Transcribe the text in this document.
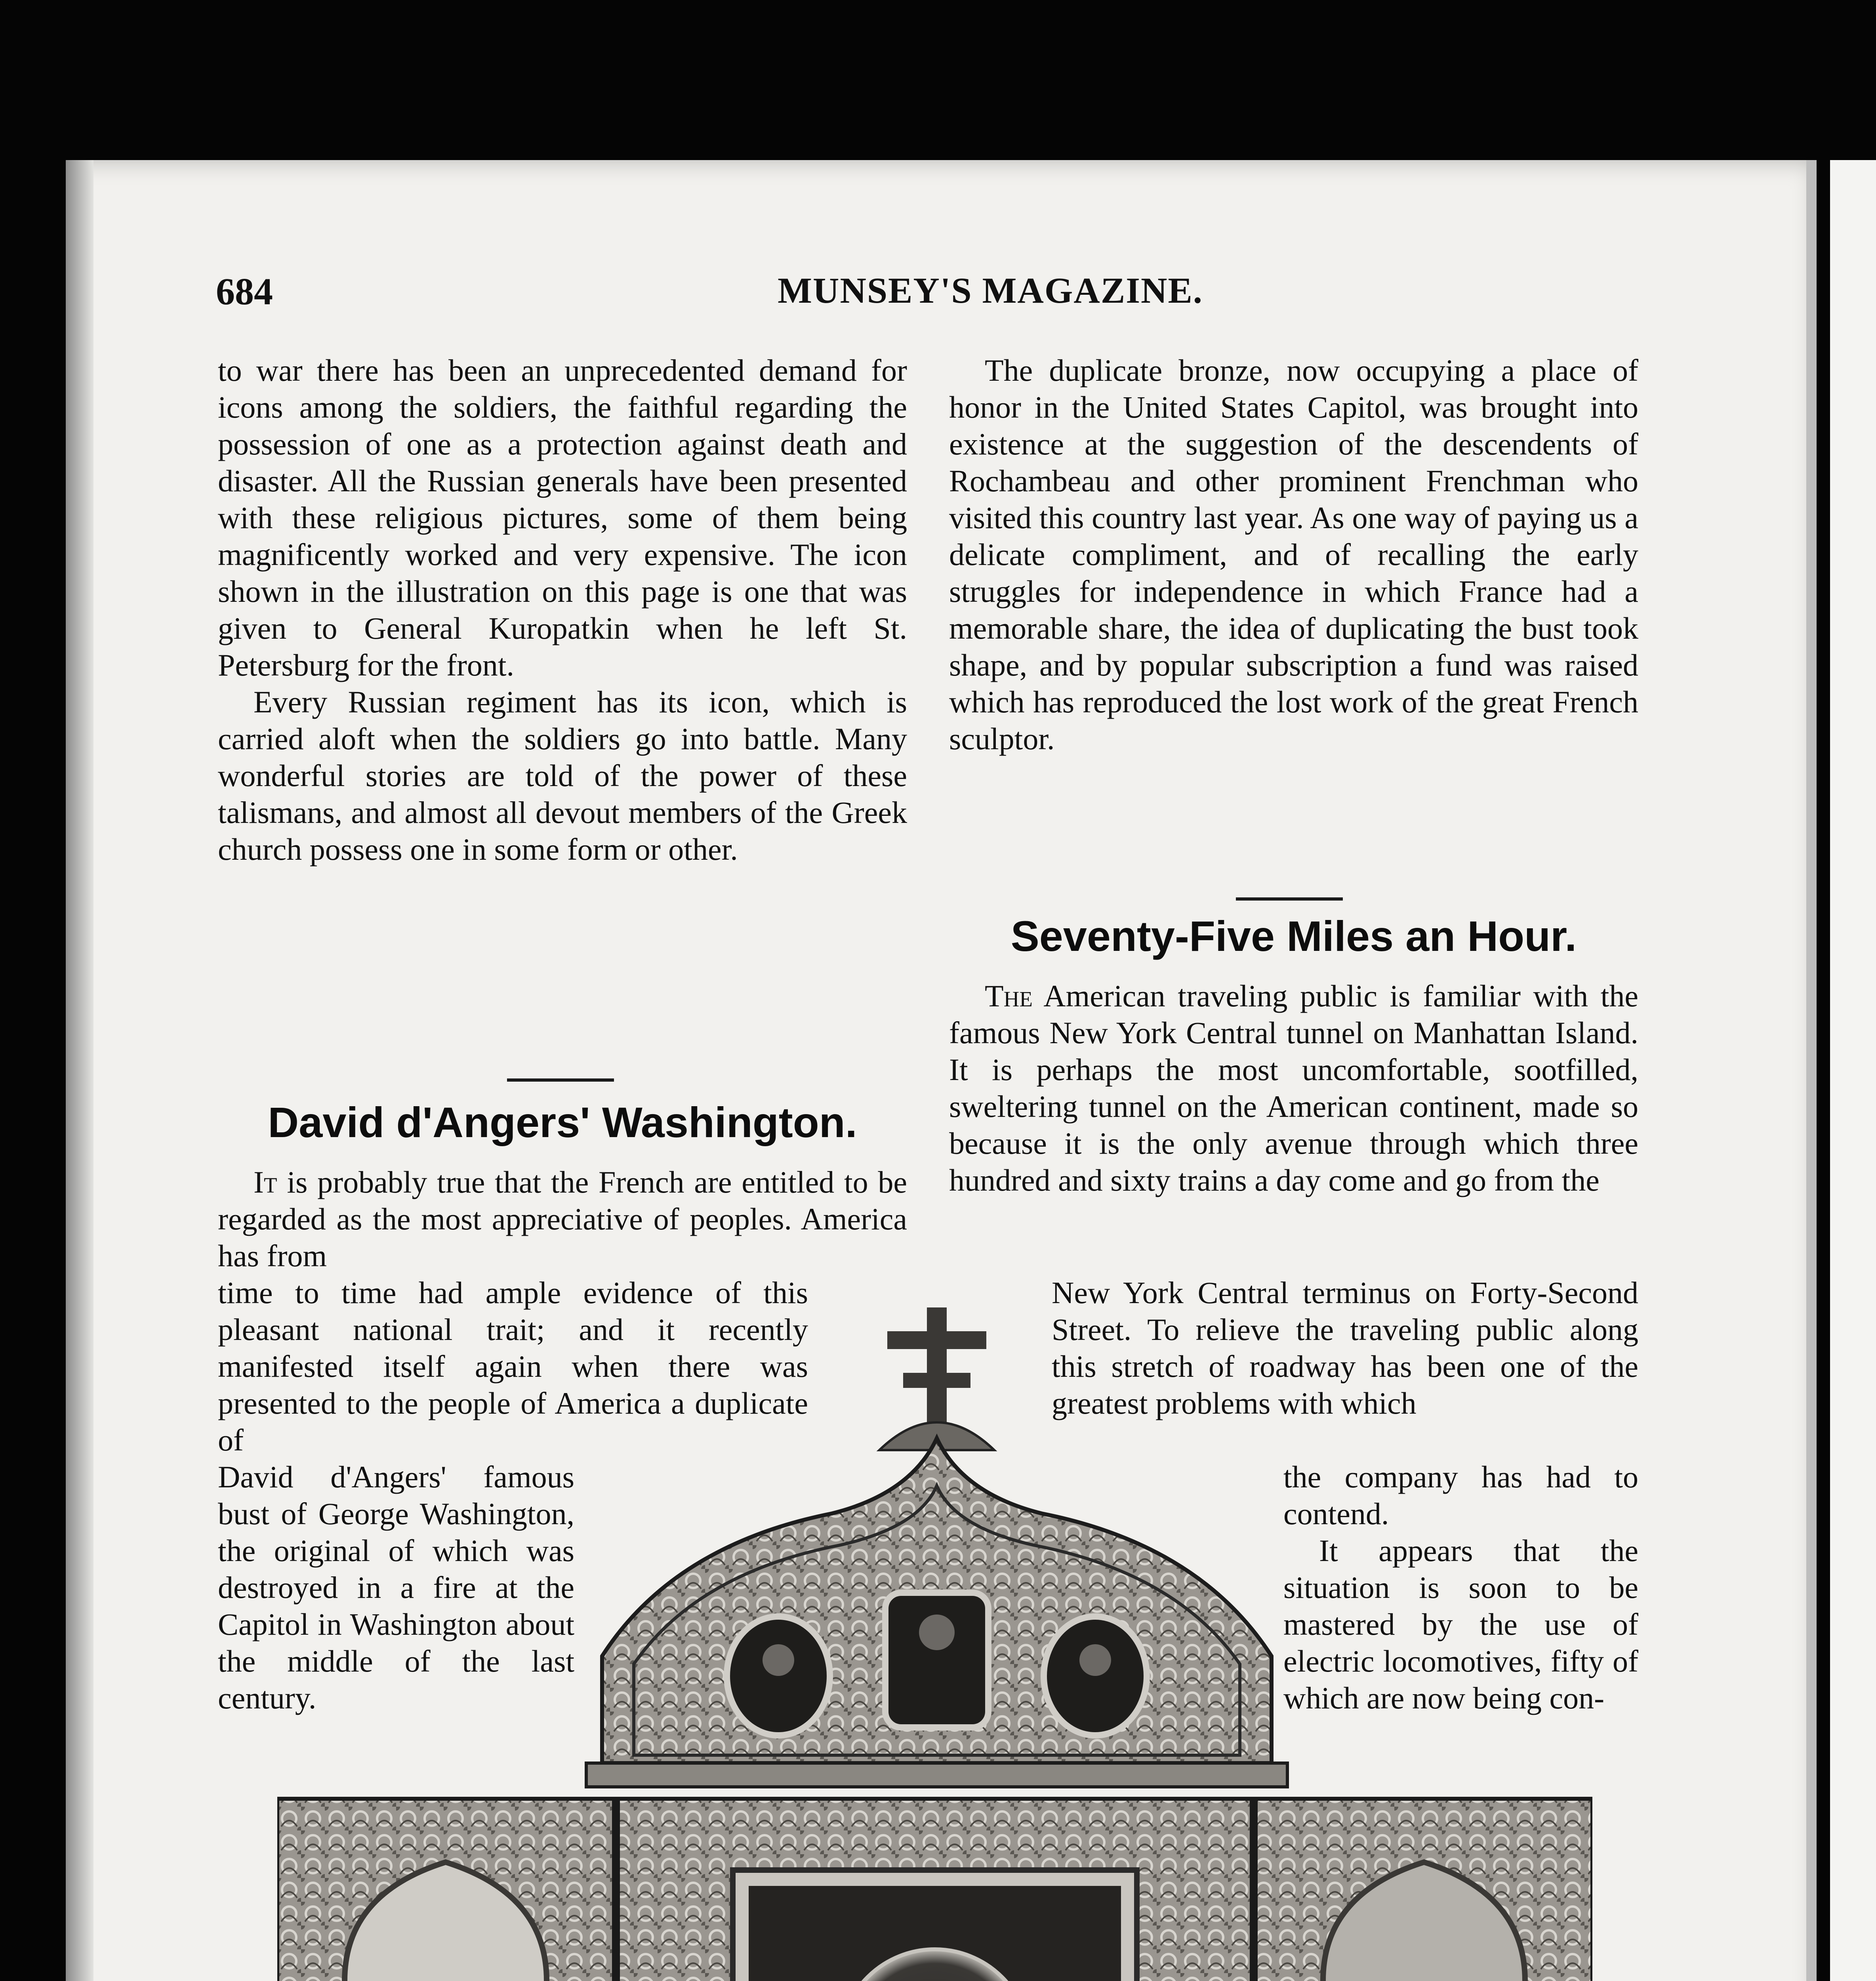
684	MUNSEY'S MAGAZINE.

to war there has been an unprecedented demand for icons among the soldiers, the faithful regarding the possession of one as a protection against death and disaster. All the Russian generals have been presented with these religious pictures, some of them being magnificently worked and very expensive. The icon shown in the illustration on this page is one that was given to General Kuropatkin when he left St. Petersburg for the front.

Every Russian regiment has its icon, which is carried aloft when the soldiers go into battle. Many wonderful stories are told of the power of these talismans, and almost all devout members of the Greek church possess one in some form or other.

David d'Angers' Washington.
It is probably true that the French are entitled to be regarded as the most appreciative of peoples. America has from
time to time had ample evidence of this pleasant national trait; and it recently manifested itself again when there was presented to the people of America a duplicate of
David d'Angers' famous bust of George Washington, the original of which was destroyed in a fire at the Capitol in Washington about the middle of the last century.

The duplicate bronze, now occupying a place of honor in the United States Capitol, was brought into existence at the suggestion of the descendents of Rochambeau and other prominent Frenchman who visited this country last year. As one way of paying us a delicate compliment, and of recalling the early struggles for independence in which France had a memorable share, the idea of duplicating the bust took shape, and by popular subscription a fund was raised which has reproduced the lost work of the great French sculptor.

Seventy-Five Miles an Hour.
The American traveling public is familiar with the famous New York Central tunnel on Manhattan Island. It is perhaps the most uncomfortable, sootfilled, sweltering tunnel on the American continent, made so because it is the only avenue through which three hundred and sixty trains a day come and go from the
New York Central terminus on Forty-Second Street. To relieve the traveling public along this stretch of roadway has been one of the greatest problems with which
the company has had to contend.
It appears that the situation is soon to be mastered by the use of electric locomotives, fifty of which are now being con-
